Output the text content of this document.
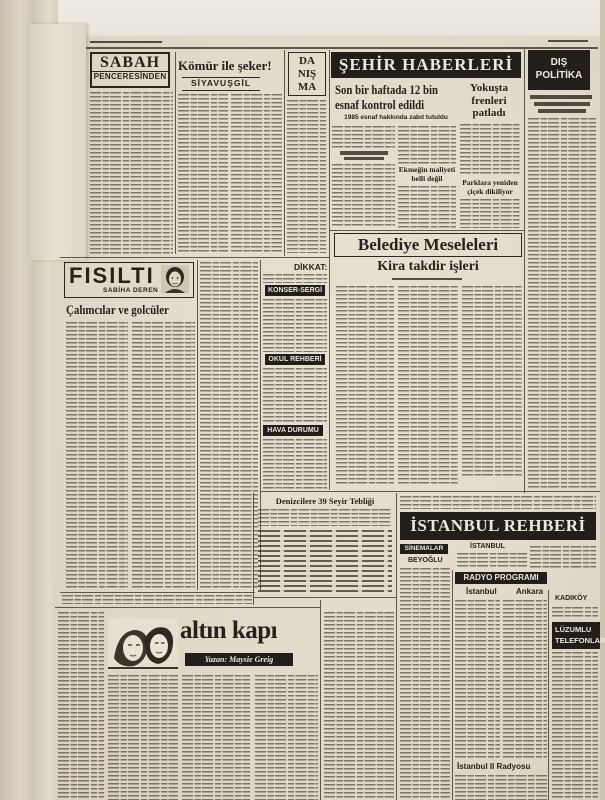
SABAH
PENCERESİNDEN
Kömür ile şeker!
SİYAVUŞGİL
DA
NIŞ
MA
ŞEHİR HABERLERİ
Son bir haftada 12 bin
esnaf kontrol edildi
1985 esnaf hakkında zabıt tutuldu
Yokuşta
frenleri
patladı
Ekmeğin maliyeti
belli değil	Parklara yeniden
çiçek dikiliyor
DIŞ
POLİTİKA
FISILTI
SABİHA DEREN
Çalımcılar ve golcüler
DİKKAT:
KONSER-SERGİ
OKUL REHBERİ
HAVA DURUMU
Belediye Meseleleri
Kira takdir işleri
Denizcilere 39 Seyir Tebliği
İSTANBUL REHBERİ
SİNEMALAR
BEYOĞLU
İSTANBUL
RADYO PROGRAMI
İstanbul Ankara
İstanbul II Radyosu
KADIKÖY
LÜZUMLU
TELEFONLAR
altın kapı
Yazan: Maysie Greig
